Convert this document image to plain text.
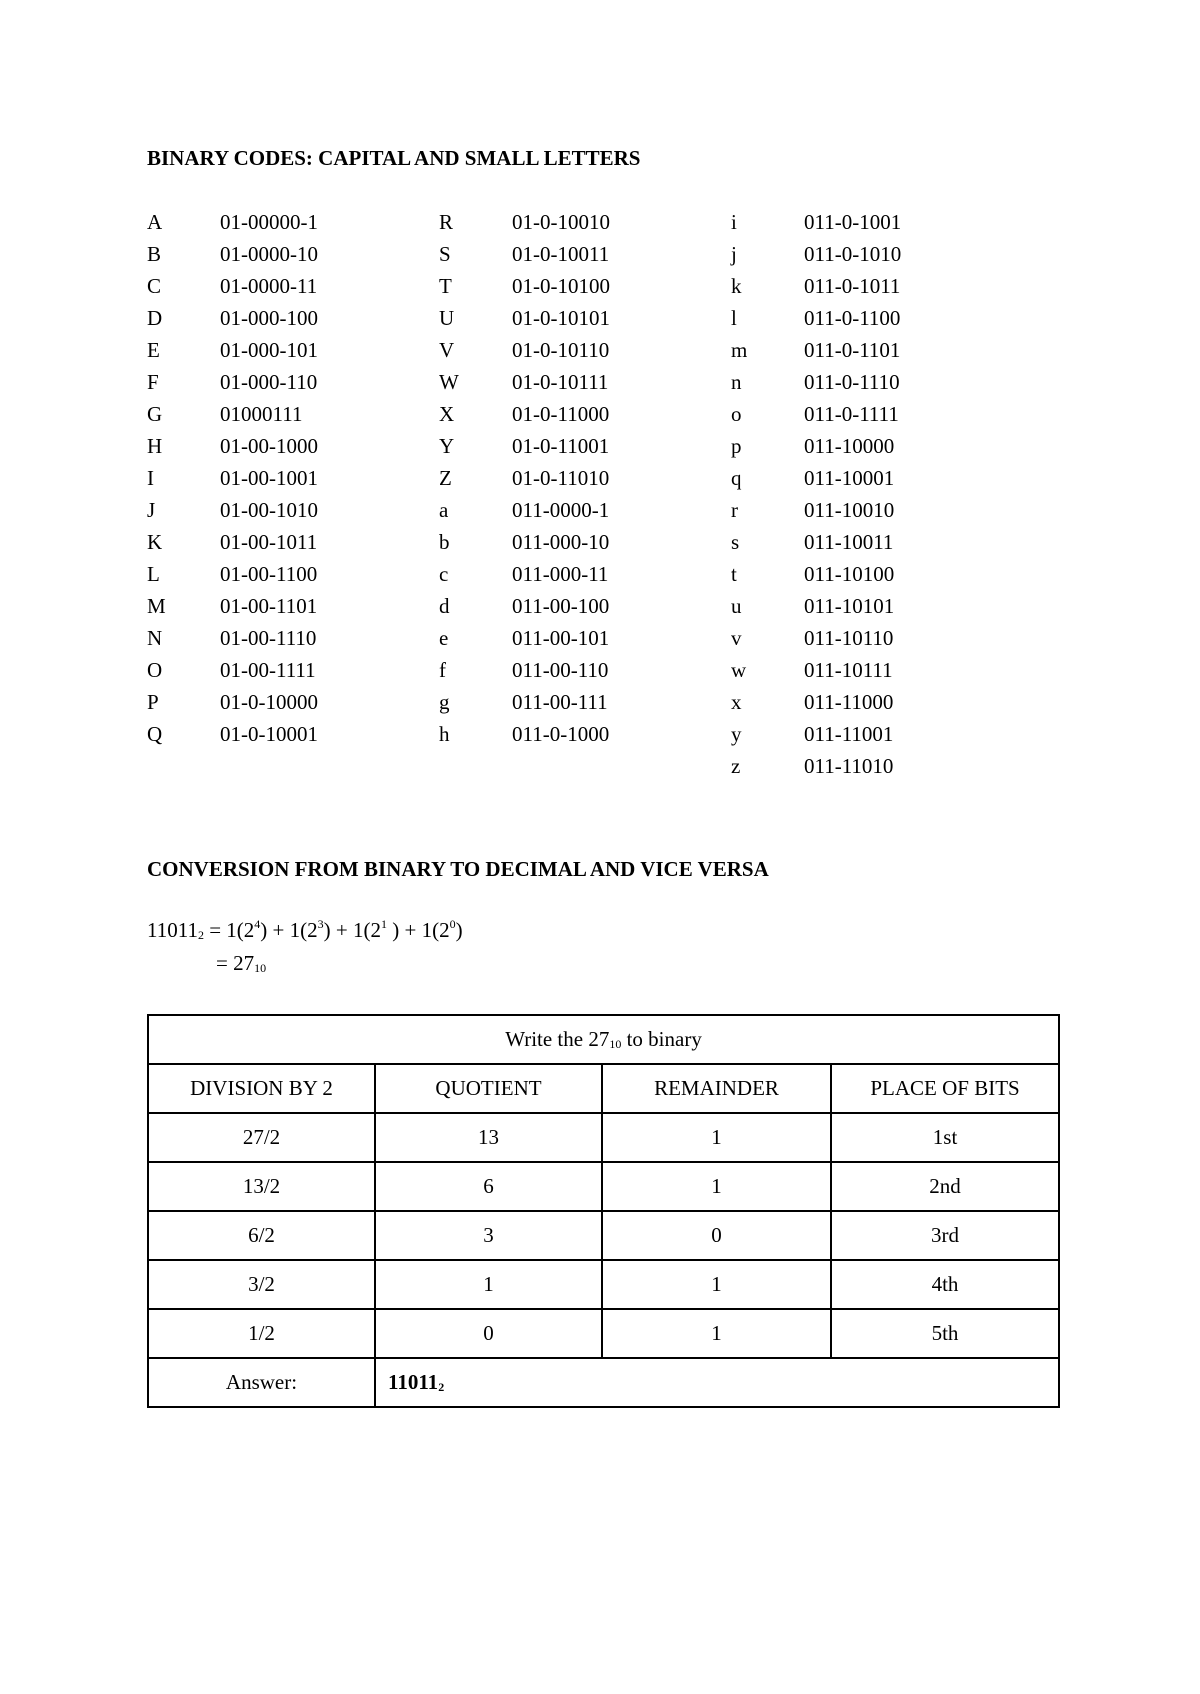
BINARY CODES: CAPITAL AND SMALL LETTERS
A	01-00000-1
B	01-0000-10
C	01-0000-11
D	01-000-100
E	01-000-101
F	01-000-110
G	01000111
H	01-00-1000
I	01-00-1001
J	01-00-1010
K	01-00-1011
L	01-00-1100
M	01-00-1101
N	01-00-1110
O	01-00-1111
P	01-0-10000
Q	01-0-10001
R	01-0-10010
S	01-0-10011
T	01-0-10100
U	01-0-10101
V	01-0-10110
W	01-0-10111
X	01-0-11000
Y	01-0-11001
Z	01-0-11010
a	011-0000-1
b	011-000-10
c	011-000-11
d	011-00-100
e	011-00-101
f	011-00-110
g	011-00-111
h	011-0-1000
i	011-0-1001
j	011-0-1010
k	011-0-1011
l	011-0-1100
m	011-0-1101
n	011-0-1110
o	011-0-1111
p	011-10000
q	011-10001
r	011-10010
s	011-10011
t	011-10100
u	011-10101
v	011-10110
w	011-10111
x	011-11000
y	011-11001
z	011-11010
CONVERSION FROM BINARY TO DECIMAL AND VICE VERSA
$11011_2 = 1(2^4) + 1(2^3) + 1(2^1$ ) + $1(2^0)$
= $27_{10}$
Write the $27_{10}$ to binary			
DIVISION BY 2	QUOTIENT	REMAINDER	PLACE OF BITS
27/2	13	1	1st
13/2	6	1	2nd
6/2	3	0	3rd
3/2	1	1	4th
1/2	0	1	5th
Answer:	$11011_2$
